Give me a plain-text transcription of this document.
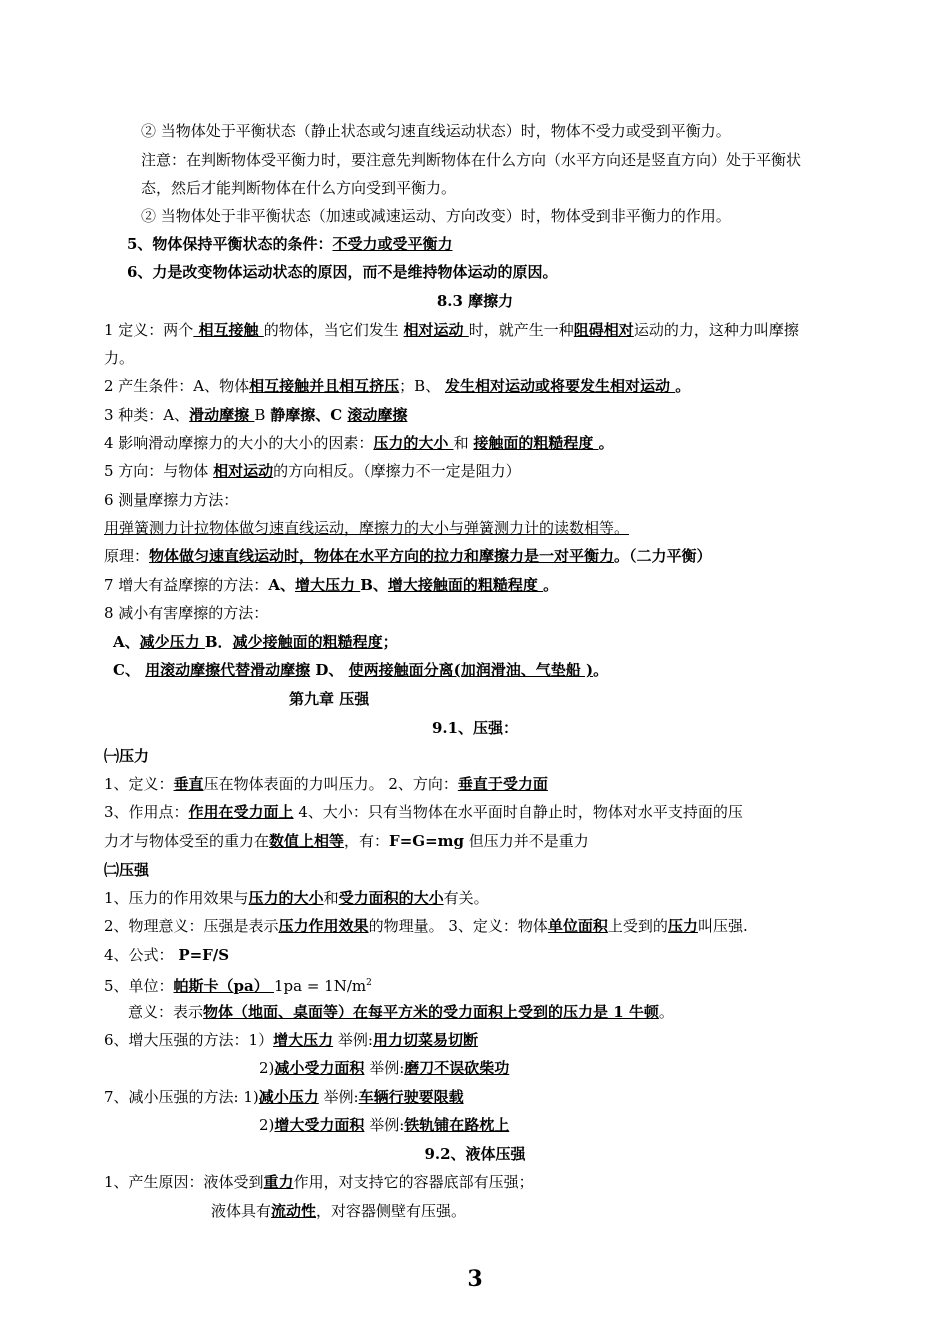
② 当物体处于平衡状态（静止状态或匀速直线运动状态）时，物体不受力或受到平衡力。
注意：在判断物体受平衡力时，要注意先判断物体在什么方向（水平方向还是竖直方向）处于平衡状
态，然后才能判断物体在什么方向受到平衡力。
② 当物体处于非平衡状态（加速或减速运动、方向改变）时，物体受到非平衡力的作用。
5、物体保持平衡状态的条件：不受力或受平衡力
6、力是改变物体运动状态的原因，而不是维持物体运动的原因。
8.3 摩擦力
1 定义：两个 相互接触 的物体，当它们发生 相对运动 时，就产生一种阻碍相对运动的力，这种力叫摩擦
力。
2 产生条件：A、物体相互接触并且相互挤压；B、 发生相对运动或将要发生相对运动 。
3 种类：A、滑动摩擦 B 静摩擦、C 滚动摩擦
4 影响滑动摩擦力的大小的大小的因素：压力的大小 和 接触面的粗糙程度 。
5 方向：与物体 相对运动的方向相反。（摩擦力不一定是阻力）
6 测量摩擦力方法：
用弹簧测力计拉物体做匀速直线运动，摩擦力的大小与弹簧测力计的读数相等。
原理：物体做匀速直线运动时，物体在水平方向的拉力和摩擦力是一对平衡力。（二力平衡）
7 增大有益摩擦的方法：A、增大压力 B、增大接触面的粗糙程度 。
8 减小有害摩擦的方法：
A、减少压力 B．减少接触面的粗糙程度；
C、 用滚动摩擦代替滑动摩擦 D、 使两接触面分离(加润滑油、气垫船 )。
第九章 压强
9.1、压强：
㈠压力
1、定义：垂直压在物体表面的力叫压力。 2、方向：垂直于受力面
3、作用点：作用在受力面上 4、大小：只有当物体在水平面时自静止时，物体对水平支持面的压
力才与物体受至的重力在数值上相等，有：F=G=mg 但压力并不是重力
㈡压强
1、压力的作用效果与压力的大小和受力面积的大小有关。
2、物理意义：压强是表示压力作用效果的物理量。 3、定义：物体单位面积上受到的压力叫压强.
4、公式： P=F/S
5、单位：帕斯卡（pa） $1pa = 1N/m^2$
意义：表示物体（地面、桌面等）在每平方米的受力面积上受到的压力是 1 牛顿。
6、增大压强的方法：1）增大压力 举例:用力切菜易切断
2)减小受力面积 举例:磨刀不误砍柴功
7、减小压强的方法: 1)减小压力 举例:车辆行驶要限载
2)增大受力面积 举例:铁轨铺在路枕上
9.2、液体压强
1、产生原因：液体受到重力作用，对支持它的容器底部有压强；
液体具有流动性，对容器侧壁有压强。
3
